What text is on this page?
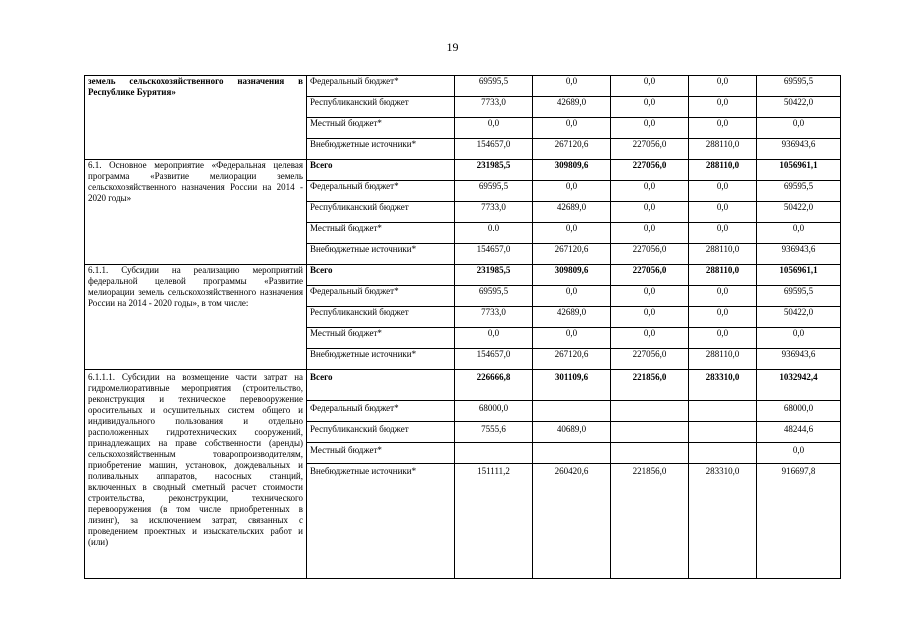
19
земель сельскохозяйственного назначения в Республике Бурятия»	Федеральный бюджет*	69595,5	0,0	0,0	0,0	69595,5
	Республиканский бюджет	7733,0	42689,0	0,0	0,0	50422,0
	Местный бюджет*	0,0	0,0	0,0	0,0	0,0
	Внебюджетные источники*	154657,0	267120,6	227056,0	288110,0	936943,6
6.1. Основное мероприятие «Федеральная целевая программа «Развитие мелиорации земель сельскохозяйственного назначения России на 2014 - 2020 годы»	Всего	231985,5	309809,6	227056,0	288110,0	1056961,1
	Федеральный бюджет*	69595,5	0,0	0,0	0,0	69595,5
	Республиканский бюджет	7733,0	42689,0	0,0	0,0	50422,0
	Местный бюджет*	0.0	0,0	0,0	0,0	0,0
	Внебюджетные источники*	154657,0	267120,6	227056,0	288110,0	936943,6
6.1.1. Субсидии на реализацию мероприятий федеральной целевой программы «Развитие мелиорации земель сельскохозяйственного назначения России на 2014 - 2020 годы», в том числе:	Всего	231985,5	309809,6	227056,0	288110,0	1056961,1
	Федеральный бюджет*	69595,5	0,0	0,0	0,0	69595,5
	Республиканский бюджет	7733,0	42689,0	0,0	0,0	50422,0
	Местный бюджет*	0,0	0,0	0,0	0,0	0,0
	Внебюджетные источники*	154657,0	267120,6	227056,0	288110,0	936943,6
6.1.1.1. Субсидии на возмещение части затрат на гидромелиоративные мероприятия (строительство, реконструкция и техническое перевооружение оросительных и осушительных систем общего и индивидуального пользования и отдельно расположенных гидротехнических сооружений, принадлежащих на праве собственности (аренды) сельскохозяйственным товаропроизводителям, приобретение машин, установок, дождевальных и поливальных аппаратов, насосных станций, включенных в сводный сметный расчет стоимости строительства, реконструкции, технического перевооружения (в том числе приобретенных в лизинг), за исключением затрат, связанных с проведением проектных и изыскательских работ и (или)	Всего	226666,8	301109,6	221856,0	283310,0	1032942,4
	Федеральный бюджет*	68000,0				68000,0
	Республиканский бюджет	7555,6	40689,0			48244,6
	Местный бюджет*					0,0
	Внебюджетные источники*	151111,2	260420,6	221856,0	283310,0	916697,8
